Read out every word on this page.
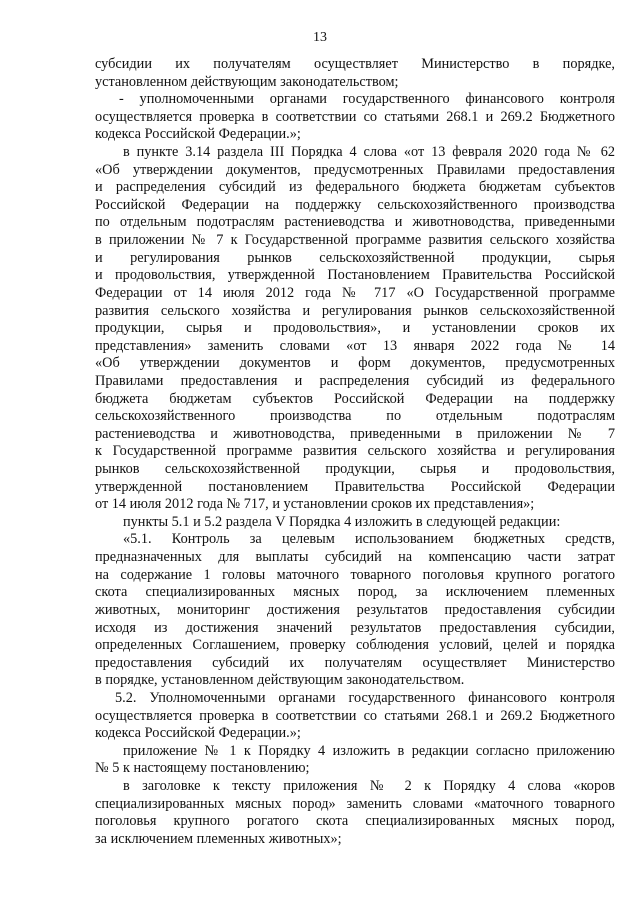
13
субсидии их получателям осуществляет Министерство в порядке,
установленном действующим законодательством;
- уполномоченными органами государственного финансового контроля
осуществляется проверка в соответствии со статьями 268.1 и 269.2 Бюджетного
кодекса Российской Федерации.»;
в пункте 3.14 раздела III Порядка 4 слова «от 13 февраля 2020 года № 62
«Об утверждении документов, предусмотренных Правилами предоставления
и распределения субсидий из федерального бюджета бюджетам субъектов
Российской Федерации на поддержку сельскохозяйственного производства
по отдельным подотраслям растениеводства и животноводства, приведенными
в приложении № 7 к Государственной программе развития сельского хозяйства
и регулирования рынков сельскохозяйственной продукции, сырья
и продовольствия, утвержденной Постановлением Правительства Российской
Федерации от 14 июля 2012 года № 717 «О Государственной программе
развития сельского хозяйства и регулирования рынков сельскохозяйственной
продукции, сырья и продовольствия», и установлении сроков их
представления» заменить словами «от 13 января 2022 года № 14
«Об утверждении документов и форм документов, предусмотренных
Правилами предоставления и распределения субсидий из федерального
бюджета бюджетам субъектов Российской Федерации на поддержку
сельскохозяйственного производства по отдельным подотраслям
растениеводства и животноводства, приведенными в приложении № 7
к Государственной программе развития сельского хозяйства и регулирования
рынков сельскохозяйственной продукции, сырья и продовольствия,
утвержденной постановлением Правительства Российской Федерации
от 14 июля 2012 года № 717, и установлении сроков их представления»;
пункты 5.1 и 5.2 раздела V Порядка 4 изложить в следующей редакции:
«5.1. Контроль за целевым использованием бюджетных средств,
предназначенных для выплаты субсидий на компенсацию части затрат
на содержание 1 головы маточного товарного поголовья крупного рогатого
скота специализированных мясных пород, за исключением племенных
животных, мониторинг достижения результатов предоставления субсидии
исходя из достижения значений результатов предоставления субсидии,
определенных Соглашением, проверку соблюдения условий, целей и порядка
предоставления субсидий их получателям осуществляет Министерство
в порядке, установленном действующим законодательством.
5.2. Уполномоченными органами государственного финансового контроля
осуществляется проверка в соответствии со статьями 268.1 и 269.2 Бюджетного
кодекса Российской Федерации.»;
приложение № 1 к Порядку 4 изложить в редакции согласно приложению
№ 5 к настоящему постановлению;
в заголовке к тексту приложения № 2 к Порядку 4 слова «коров
специализированных мясных пород» заменить словами «маточного товарного
поголовья крупного рогатого скота специализированных мясных пород,
за исключением племенных животных»;
